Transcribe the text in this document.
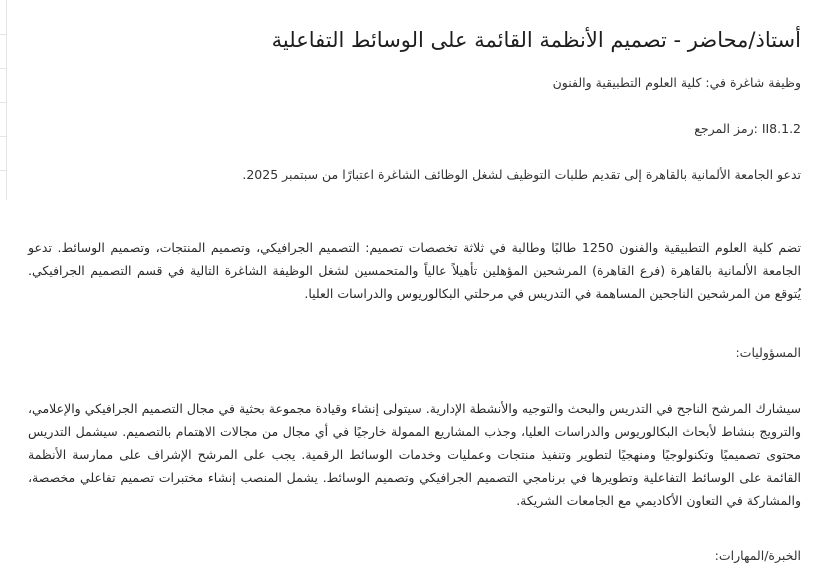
أستاذ/محاضر - تصميم الأنظمة القائمة على الوسائط التفاعلية

وظيفة شاغرة في: كلية العلوم التطبيقية والفنون

II8.1.2 :رمز المرجع

تدعو الجامعة الألمانية بالقاهرة إلى تقديم طلبات التوظيف لشغل الوظائف الشاغرة اعتبارًا من سبتمبر 2025.

تضم كلية العلوم التطبيقية والفنون 1250 طالبًا وطالبة في ثلاثة تخصصات تصميم: التصميم الجرافيكي، وتصميم المنتجات، وتصميم الوسائط. تدعو الجامعة الألمانية بالقاهرة (فرع القاهرة) المرشحين المؤهلين تأهيلاً عالياً والمتحمسين لشغل الوظيفة الشاغرة التالية في قسم التصميم الجرافيكي. يُتوقع من المرشحين الناجحين المساهمة في التدريس في مرحلتي البكالوريوس والدراسات العليا.

المسؤوليات:

سيشارك المرشح الناجح في التدريس والبحث والتوجيه والأنشطة الإدارية. سيتولى إنشاء وقيادة مجموعة بحثية في مجال التصميم الجرافيكي والإعلامي، والترويج بنشاط لأبحاث البكالوريوس والدراسات العليا، وجذب المشاريع الممولة خارجيًا في أي مجال من مجالات الاهتمام بالتصميم. سيشمل التدريس محتوى تصميميًا وتكنولوجيًا ومنهجيًا لتطوير وتنفيذ منتجات وعمليات وخدمات الوسائط الرقمية. يجب على المرشح الإشراف على ممارسة الأنظمة القائمة على الوسائط التفاعلية وتطويرها في برنامجي التصميم الجرافيكي وتصميم الوسائط. يشمل المنصب إنشاء مختبرات تصميم تفاعلي مخصصة، والمشاركة في التعاون الأكاديمي مع الجامعات الشريكة.

الخبرة/المهارات:
